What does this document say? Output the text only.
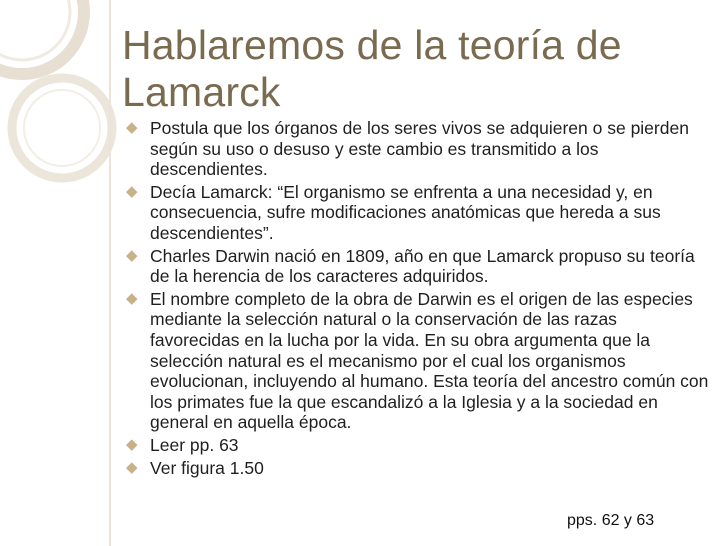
Hablaremos de la teoría de
Lamarck
◆ Postula que los órganos de los seres vivos se adquieren o se pierden según su uso o desuso y este cambio es transmitido a los descendientes.
◆ Decía Lamarck: “El organismo se enfrenta a una necesidad y, en consecuencia, sufre modificaciones anatómicas que hereda a sus descendientes”.
◆ Charles Darwin nació en 1809, año en que Lamarck propuso su teoría de la herencia de los caracteres adquiridos.
◆ El nombre completo de la obra de Darwin es el origen de las especies mediante la selección natural o la conservación de las razas favorecidas en la lucha por la vida. En su obra argumenta que la selección natural es el mecanismo por el cual los organismos evolucionan, incluyendo al humano. Esta teoría del ancestro común con los primates fue la que escandalizó a la Iglesia y a la sociedad en general en aquella época.
◆ Leer pp. 63
◆ Ver figura 1.50
pps. 62 y 63
